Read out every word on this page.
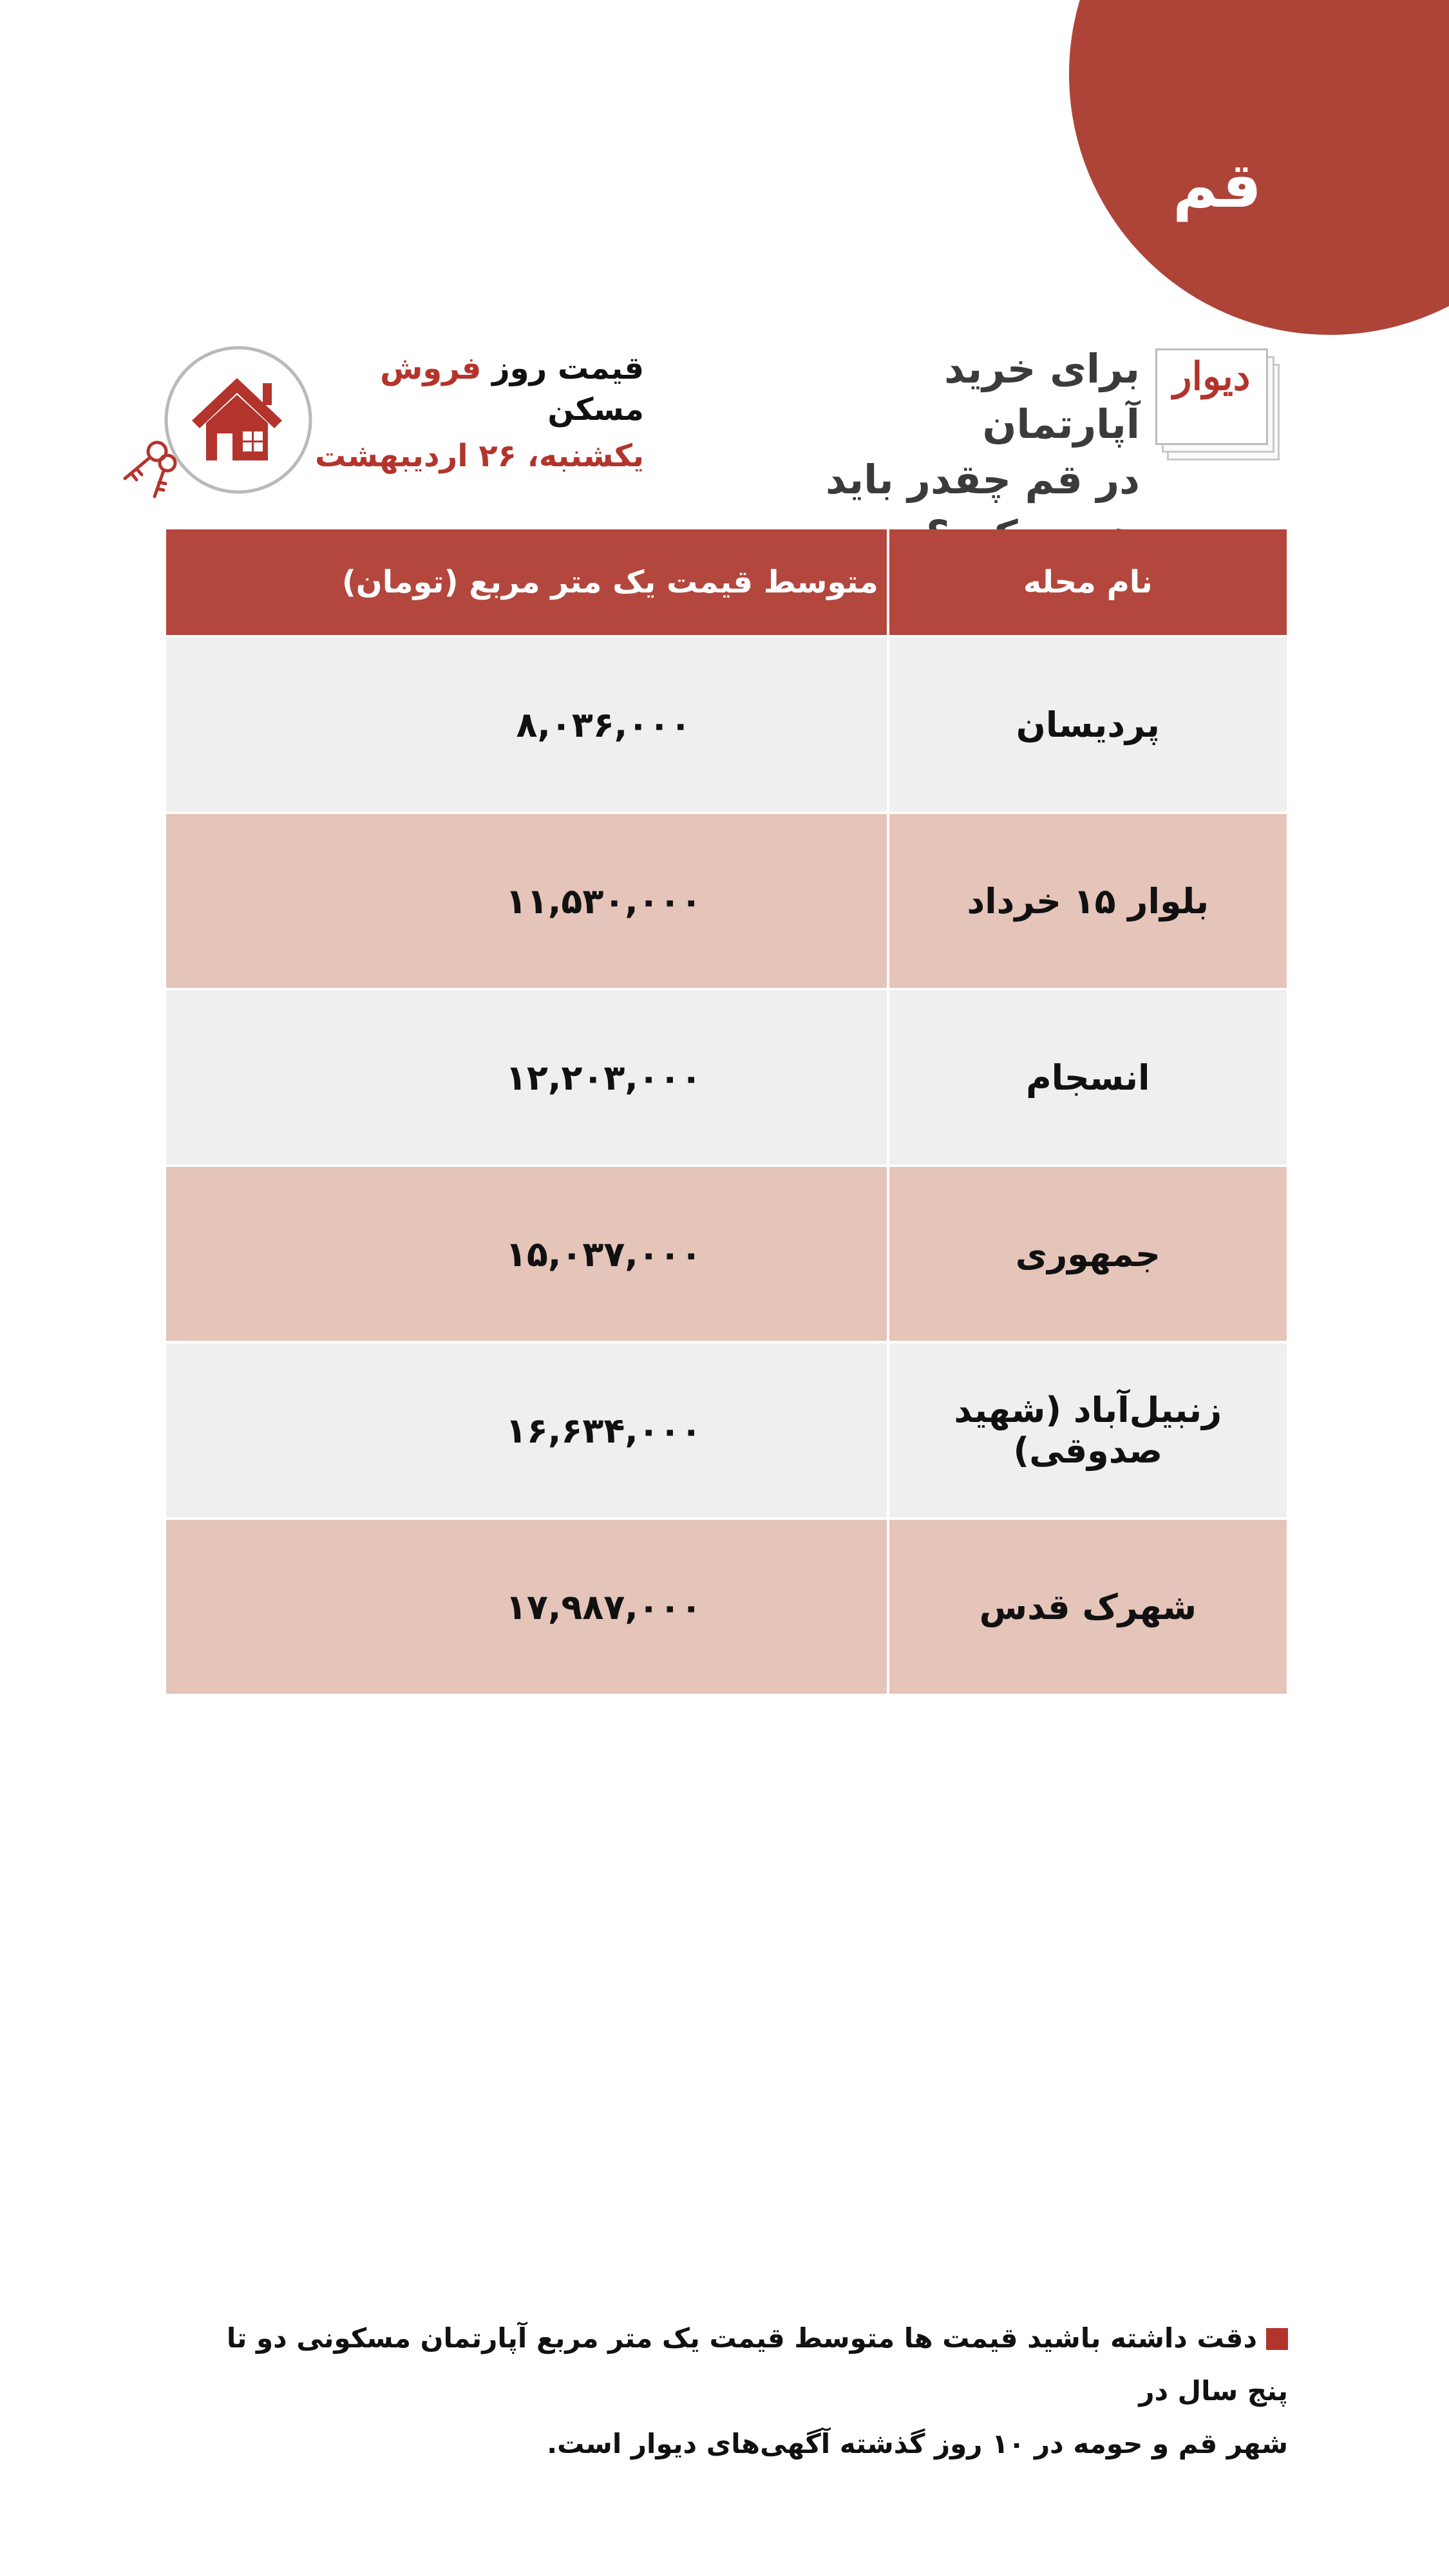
قم
دیوار
برای خرید آپارتمان
در قم چقدر باید
قیمت روز فروش مسکن
یکشنبه، ۲۶ اردیبهشت
نام محله	متوسط قیمت یک متر مربع (تومان)
پردیسان	۸,۰۳۶,۰۰۰
بلوار ۱۵ خرداد	۱۱,۵۳۰,۰۰۰
انسجام	۱۲,۲۰۳,۰۰۰
جمهوری	۱۵,۰۳۷,۰۰۰
زنبیل‌آباد (شهید صدوقی)	۱۶,۶۳۴,۰۰۰
شهرک قدس	۱۷,۹۸۷,۰۰۰
دقت داشته باشید قیمت ها متوسط قیمت یک متر مربع آپارتمان مسکونی دو تا پنج سال در
شهر قم و حومه در ۱۰ روز گذشته آگهی‌های دیوار است.
